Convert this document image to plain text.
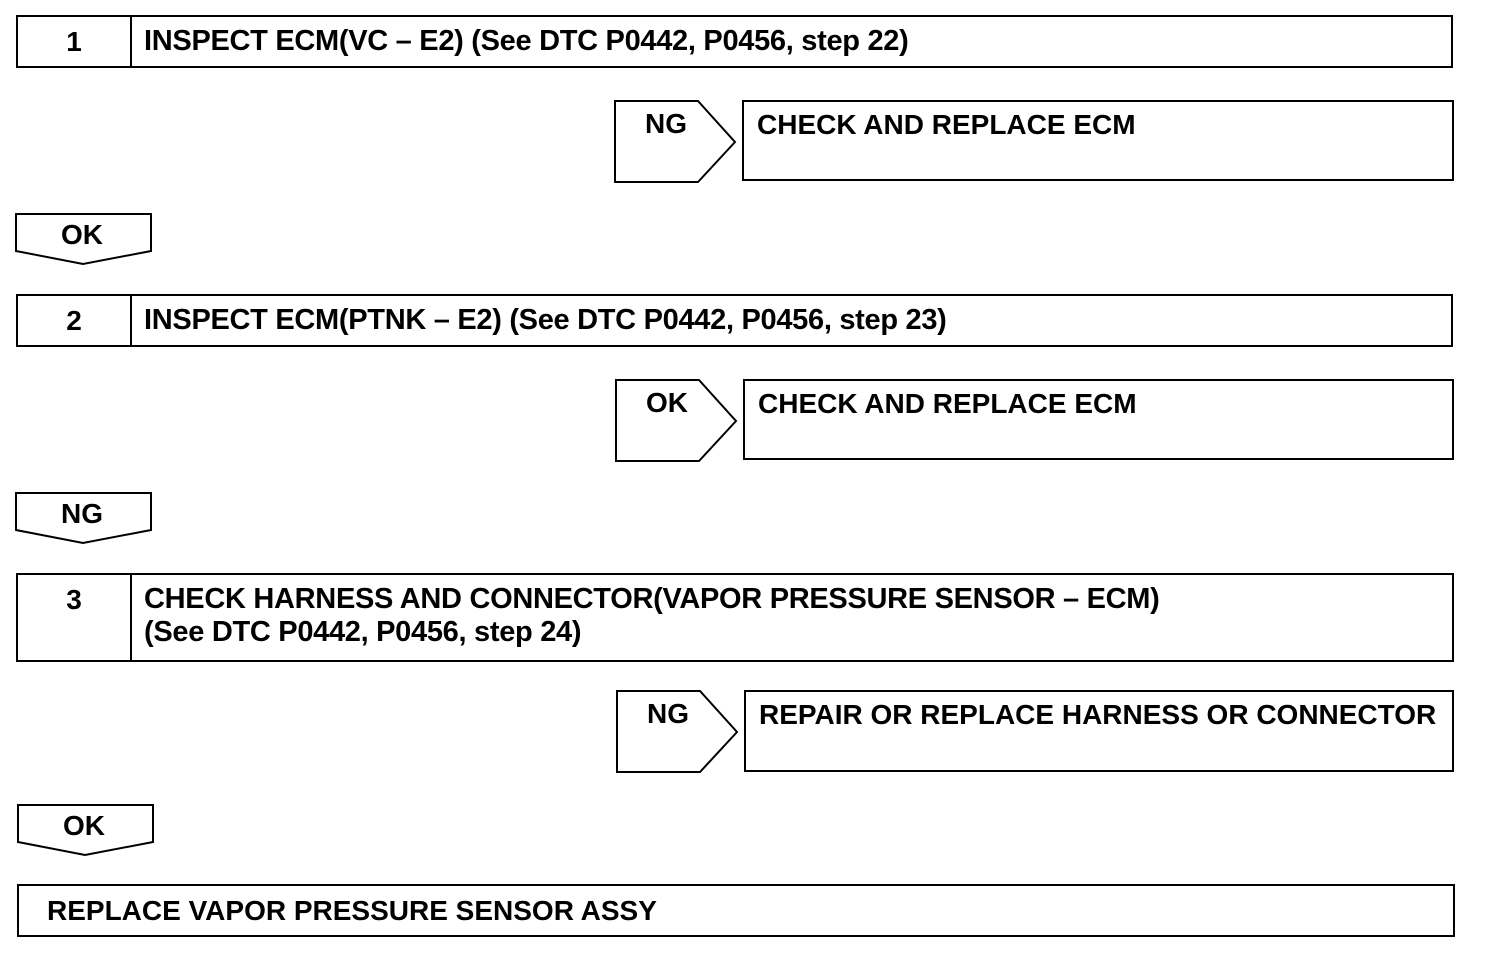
1	INSPECT ECM(VC – E2) (See DTC P0442, P0456, step 22)
NG	CHECK AND REPLACE ECM
OK
2	INSPECT ECM(PTNK – E2) (See DTC P0442, P0456, step 23)
OK	CHECK AND REPLACE ECM
NG
3	CHECK HARNESS AND CONNECTOR(VAPOR PRESSURE SENSOR – ECM)
(See DTC P0442, P0456, step 24)
NG	REPAIR OR REPLACE HARNESS OR CONNECTOR
OK
REPLACE VAPOR PRESSURE SENSOR ASSY
